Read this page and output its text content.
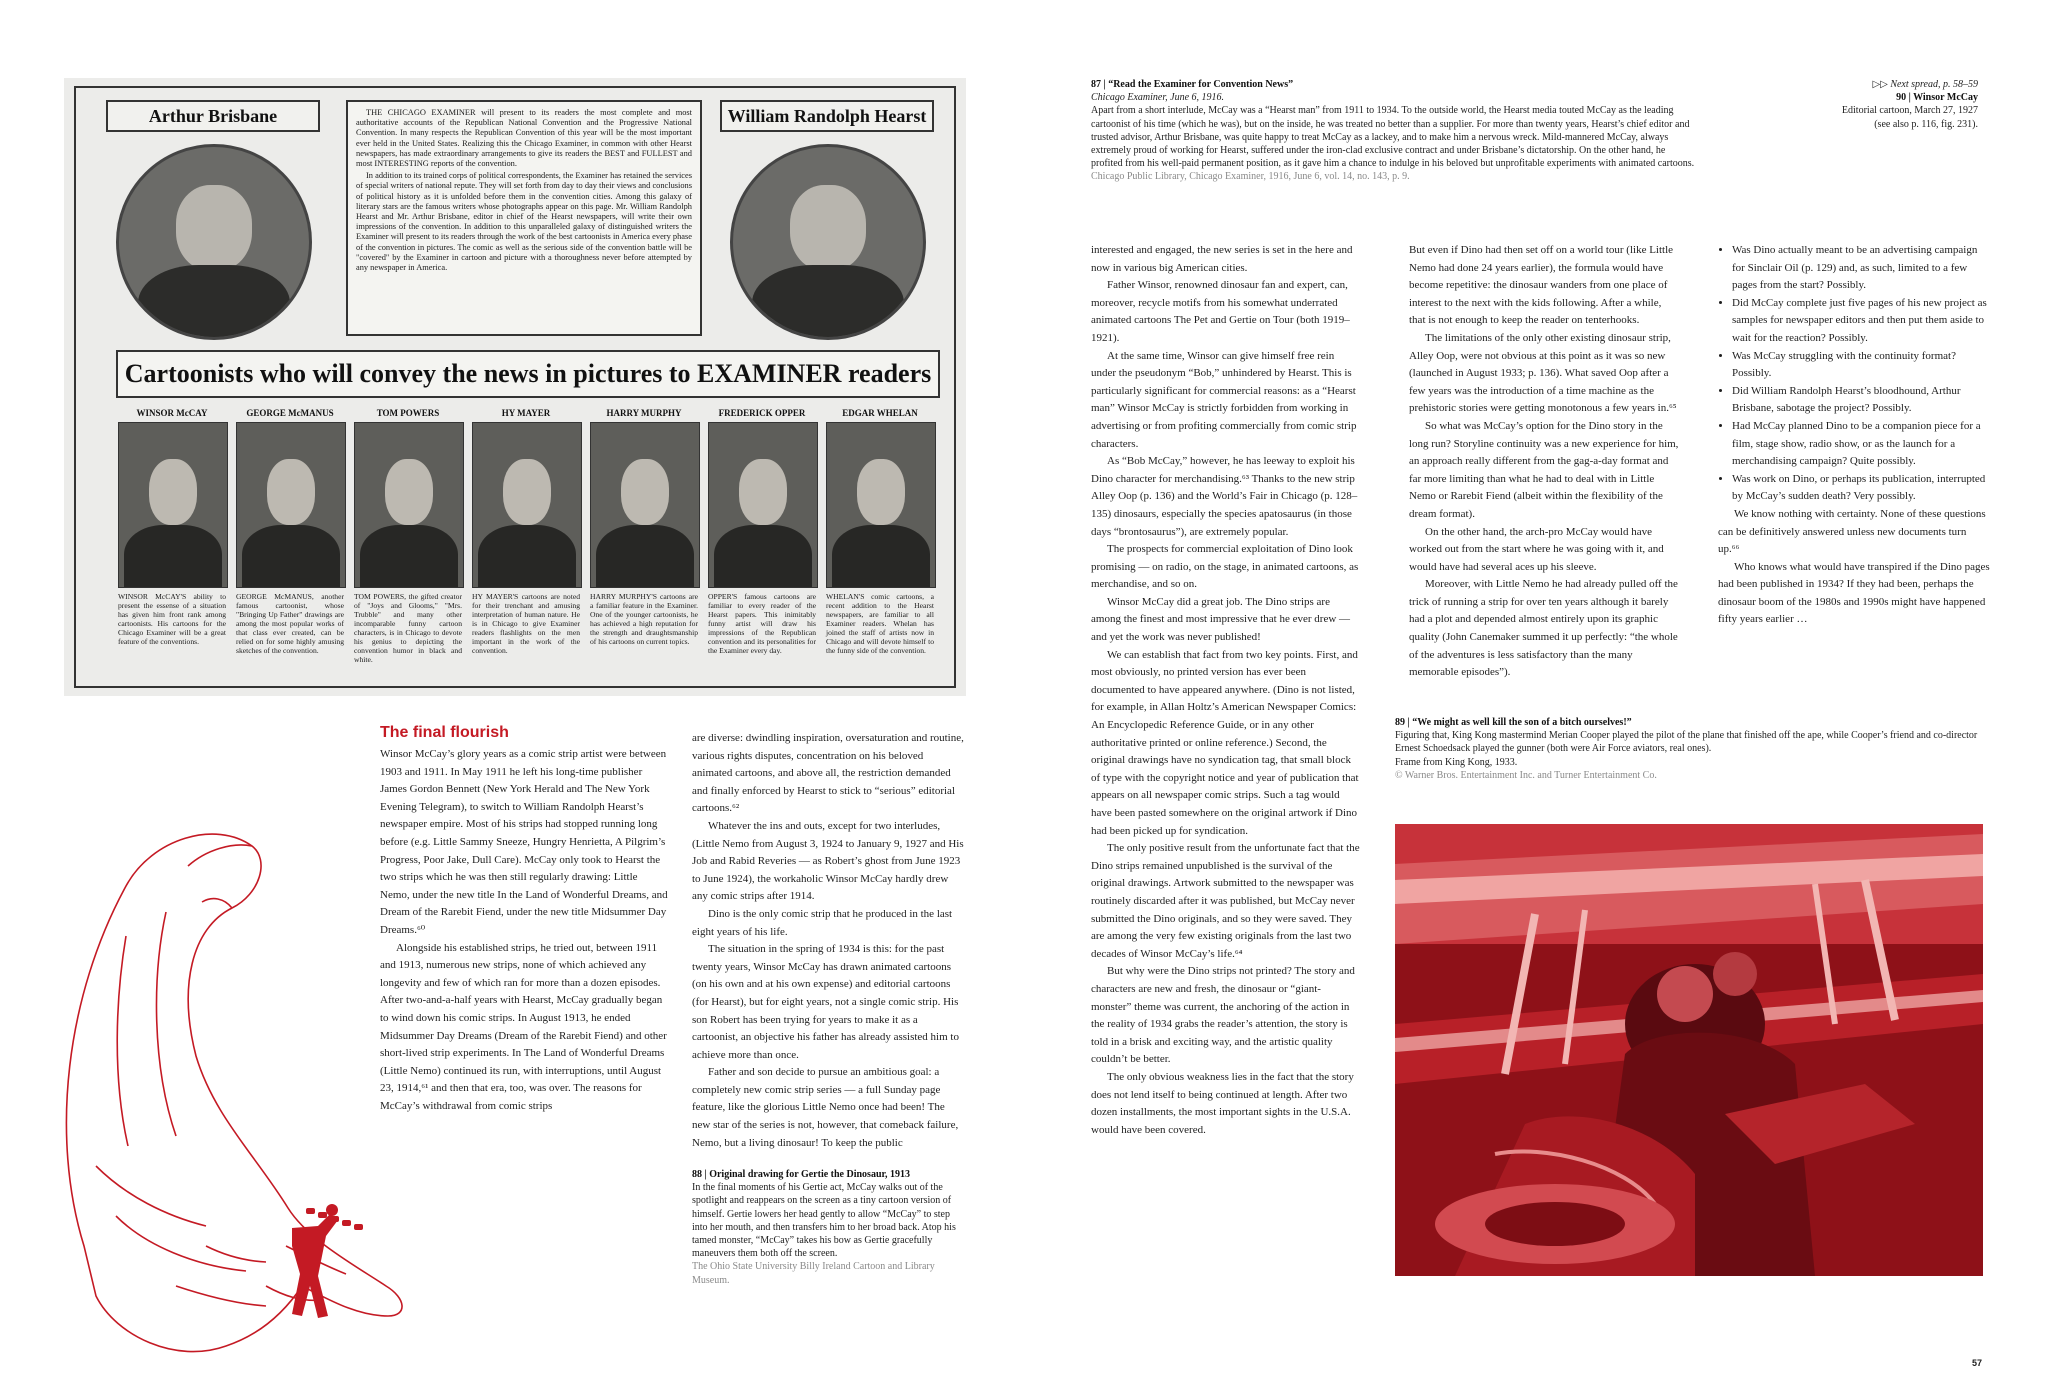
Arthur Brisbane	THE CHICAGO EXAMINER will present to its readers the most complete and most authoritative accounts of the Republican National Convention and the Progressive National Convention. In many respects the Republican Convention of this year will be the most important ever held in the United States. Realizing this the Chicago Examiner, in common with other Hearst newspapers, has made extraordinary arrangements to give its readers the BEST and FULLEST and most INTERESTING reports of the convention.

In addition to its trained corps of political correspondents, the Examiner has retained the services of special writers of national repute. They will set forth from day to day their views and conclusions of political history as it is unfolded before them in the convention cities. Among this galaxy of literary stars are the famous writers whose photographs appear on this page. Mr. William Randolph Hearst and Mr. Arthur Brisbane, editor in chief of the Hearst newspapers, will write their own impressions of the convention. In addition to this unparalleled galaxy of distinguished writers the Examiner will present to its readers through the work of the best cartoonists in America every phase of the convention in pictures. The comic as well as the serious side of the convention battle will be "covered" by the Examiner in cartoon and picture with a thoroughness never before attempted by any newspaper in America.

William Randolph Hearst
Cartoonists who will convey the news in pictures to EXAMINER readers
WINSOR McCAY
WINSOR McCAY'S ability to present the essense of a situation has given him front rank among cartoonists. His cartoons for the Chicago Examiner will be a great feature of the conventions.
GEORGE McMANUS
GEORGE McMANUS, another famous cartoonist, whose "Bringing Up Father" drawings are among the most popular works of that class ever created, can be relied on for some highly amusing sketches of the convention.
TOM POWERS
TOM POWERS, the gifted creator of "Joys and Glooms," "Mrs. Trubble" and many other incomparable funny cartoon characters, is in Chicago to devote his genius to depicting the convention humor in black and white.
HY MAYER
HY MAYER'S cartoons are noted for their trenchant and amusing interpretation of human nature. He is in Chicago to give Examiner readers flashlights on the men important in the work of the convention.
HARRY MURPHY
HARRY MURPHY'S cartoons are a familiar feature in the Examiner. One of the younger cartoonists, he has achieved a high reputation for the strength and draughtsmanship of his cartoons on current topics.
FREDERICK OPPER
OPPER'S famous cartoons are familiar to every reader of the Hearst papers. This inimitably funny artist will draw his impressions of the Republican convention and its personalities for the Examiner every day.
EDGAR WHELAN
WHELAN'S comic cartoons, a recent addition to the Hearst newspapers, are familiar to all Examiner readers. Whelan has joined the staff of artists now in Chicago and will devote himself to the funny side of the convention.
87 | “Read the Examiner for Convention News”
Chicago Examiner, June 6, 1916.
Apart from a short interlude, McCay was a “Hearst man” from 1911 to 1934. To the outside world, the Hearst media touted McCay as the leading cartoonist of his time (which he was), but on the inside, he was treated no better than a supplier. For more than twenty years, Hearst’s chief editor and trusted advisor, Arthur Brisbane, was quite happy to treat McCay as a lackey, and to make him a nervous wreck. Mild-mannered McCay, always extremely proud of working for Hearst, suffered under the iron-clad exclusive contract and under Brisbane’s dictatorship. On the other hand, he profited from his well-paid permanent position, as it gave him a chance to indulge in his beloved but unprofitable experiments with animated cartoons.
Chicago Public Library, Chicago Examiner, 1916, June 6, vol. 14, no. 143, p. 9.
▷▷ Next spread, p. 58–59
90 | Winsor McCay
Editorial cartoon, March 27, 1927
(see also p. 116, fig. 231).
The final flourish

Winsor McCay’s glory years as a comic strip artist were between 1903 and 1911. In May 1911 he left his long-time publisher James Gordon Bennett (New York Herald and The New York Evening Telegram), to switch to William Randolph Hearst’s newspaper empire. Most of his strips had stopped running long before (e.g. Little Sammy Sneeze, Hungry Henrietta, A Pilgrim’s Progress, Poor Jake, Dull Care). McCay only took to Hearst the two strips which he was then still regularly drawing: Little Nemo, under the new title In the Land of Wonderful Dreams, and Dream of the Rarebit Fiend, under the new title Midsummer Day Dreams.⁶⁰

Alongside his established strips, he tried out, between 1911 and 1913, numerous new strips, none of which achieved any longevity and few of which ran for more than a dozen episodes. After two-and-a-half years with Hearst, McCay gradually began to wind down his comic strips. In August 1913, he ended Midsummer Day Dreams (Dream of the Rarebit Fiend) and other short-lived strip experiments. In The Land of Wonderful Dreams (Little Nemo) continued its run, with interruptions, until August 23, 1914,⁶¹ and then that era, too, was over. The reasons for McCay’s withdrawal from comic strips

are diverse: dwindling inspiration, oversaturation and routine, various rights disputes, concentration on his beloved animated cartoons, and above all, the restriction demanded and finally enforced by Hearst to stick to “serious” editorial cartoons.⁶²

Whatever the ins and outs, except for two interludes, (Little Nemo from August 3, 1924 to January 9, 1927 and His Job and Rabid Reveries — as Robert’s ghost from June 1923 to June 1924), the workaholic Winsor McCay hardly drew any comic strips after 1914.

Dino is the only comic strip that he produced in the last eight years of his life.

The situation in the spring of 1934 is this: for the past twenty years, Winsor McCay has drawn animated cartoons (on his own and at his own expense) and editorial cartoons (for Hearst), but for eight years, not a single comic strip. His son Robert has been trying for years to make it as a cartoonist, an objective his father has already assisted him to achieve more than once.

Father and son decide to pursue an ambitious goal: a completely new comic strip series — a full Sunday page feature, like the glorious Little Nemo once had been! The new star of the series is not, however, that comeback failure, Nemo, but a living dinosaur! To keep the public

88 | Original drawing for Gertie the Dinosaur, 1913
In the final moments of his Gertie act, McCay walks out of the spotlight and reappears on the screen as a tiny cartoon version of himself. Gertie lowers her head gently to allow “McCay” to step into her mouth, and then transfers him to her broad back. Atop his tamed monster, “McCay” takes his bow as Gertie gracefully maneuvers them both off the screen.
The Ohio State University Billy Ireland Cartoon and Library Museum.

interested and engaged, the new series is set in the here and now in various big American cities.

Father Winsor, renowned dinosaur fan and expert, can, moreover, recycle motifs from his somewhat underrated animated cartoons The Pet and Gertie on Tour (both 1919–1921).

At the same time, Winsor can give himself free rein under the pseudonym “Bob,” unhindered by Hearst. This is particularly significant for commercial reasons: as a “Hearst man” Winsor McCay is strictly forbidden from working in advertising or from profiting commercially from comic strip characters.

As “Bob McCay,” however, he has leeway to exploit his Dino character for merchandising.⁶³ Thanks to the new strip Alley Oop (p. 136) and the World’s Fair in Chicago (p. 128–135) dinosaurs, especially the species apatosaurus (in those days “brontosaurus”), are extremely popular.

The prospects for commercial exploitation of Dino look promising — on radio, on the stage, in animated cartoons, as merchandise, and so on.

Winsor McCay did a great job. The Dino strips are among the finest and most impressive that he ever drew — and yet the work was never published!

We can establish that fact from two key points. First, and most obviously, no printed version has ever been documented to have appeared anywhere. (Dino is not listed, for example, in Allan Holtz’s American Newspaper Comics: An Encyclopedic Reference Guide, or in any other authoritative printed or online reference.) Second, the original drawings have no syndication tag, that small block of type with the copyright notice and year of publication that appears on all newspaper comic strips. Such a tag would have been pasted somewhere on the original artwork if Dino had been picked up for syndication.

The only positive result from the unfortunate fact that the Dino strips remained unpublished is the survival of the original drawings. Artwork submitted to the newspaper was routinely discarded after it was published, but McCay never submitted the Dino originals, and so they were saved. They are among the very few existing originals from the last two decades of Winsor McCay’s life.⁶⁴

But why were the Dino strips not printed? The story and characters are new and fresh, the dinosaur or “giant-monster” theme was current, the anchoring of the action in the reality of 1934 grabs the reader’s attention, the story is told in a brisk and exciting way, and the artistic quality couldn’t be better.

The only obvious weakness lies in the fact that the story does not lend itself to being continued at length. After two dozen installments, the most important sights in the U.S.A. would have been covered.

But even if Dino had then set off on a world tour (like Little Nemo had done 24 years earlier), the formula would have become repetitive: the dinosaur wanders from one place of interest to the next with the kids following. After a while, that is not enough to keep the reader on tenterhooks.

The limitations of the only other existing dinosaur strip, Alley Oop, were not obvious at this point as it was so new (launched in August 1933; p. 136). What saved Oop after a few years was the introduction of a time machine as the prehistoric stories were getting monotonous a few years in.⁶⁵

So what was McCay’s option for the Dino story in the long run? Storyline continuity was a new experience for him, an approach really different from the gag-a-day format and far more limiting than what he had to deal with in Little Nemo or Rarebit Fiend (albeit within the flexibility of the dream format).

On the other hand, the arch-pro McCay would have worked out from the start where he was going with it, and would have had several aces up his sleeve.

Moreover, with Little Nemo he had already pulled off the trick of running a strip for over ten years although it barely had a plot and depended almost entirely upon its graphic quality (John Canemaker summed it up perfectly: “the whole of the adventures is less satisfactory than the many memorable episodes”).

• Was Dino actually meant to be an advertising campaign for Sinclair Oil (p. 129) and, as such, limited to a few pages from the start? Possibly.
• Did McCay complete just five pages of his new project as samples for newspaper editors and then put them aside to wait for the reaction? Possibly.
• Was McCay struggling with the continuity format? Possibly.
• Did William Randolph Hearst’s bloodhound, Arthur Brisbane, sabotage the project? Possibly.
• Had McCay planned Dino to be a companion piece for a film, stage show, radio show, or as the launch for a merchandising campaign? Quite possibly.
• Was work on Dino, or perhaps its publication, interrupted by McCay’s sudden death? Very possibly.

We know nothing with certainty. None of these questions can be definitively answered unless new documents turn up.⁶⁶

Who knows what would have transpired if the Dino pages had been published in 1934? If they had been, perhaps the dinosaur boom of the 1980s and 1990s might have happened fifty years earlier …

89 | “We might as well kill the son of a bitch ourselves!”
Figuring that, King Kong mastermind Merian Cooper played the pilot of the plane that finished off the ape, while Cooper’s friend and co-director Ernest Schoedsack played the gunner (both were Air Force aviators, real ones).
Frame from King Kong, 1933.
© Warner Bros. Entertainment Inc. and Turner Entertainment Co.
57
